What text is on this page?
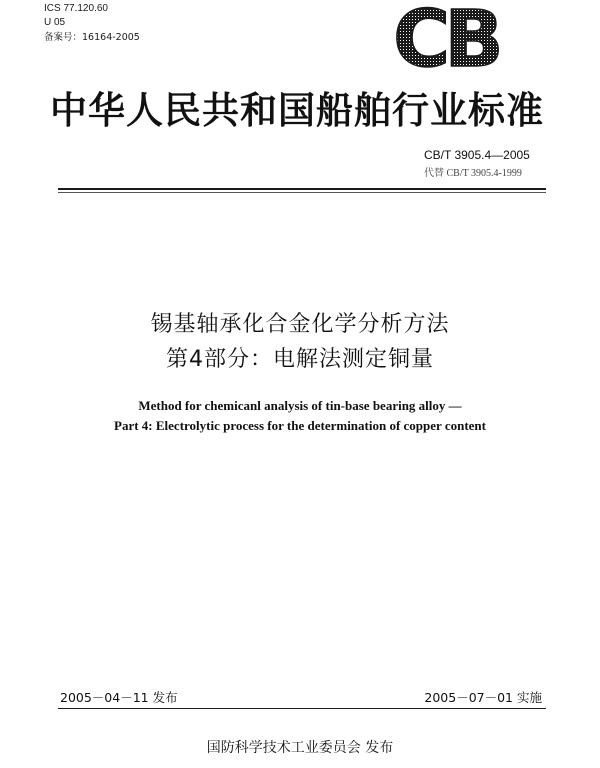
ICS 77.120.60
U 05
备案号：16164-2005	CB
中华人民共和国船舶行业标准
CB/T 3905.4—2005
代替 CB/T 3905.4-1999
锡基轴承化合金化学分析方法
第4部分：电解法测定铜量
Method for chemicanl analysis of tin-base bearing alloy —
Part 4: Electrolytic process for the determination of copper content
2005－04－11 发布	2005－07－01 实施
国防科学技术工业委员会 发布
